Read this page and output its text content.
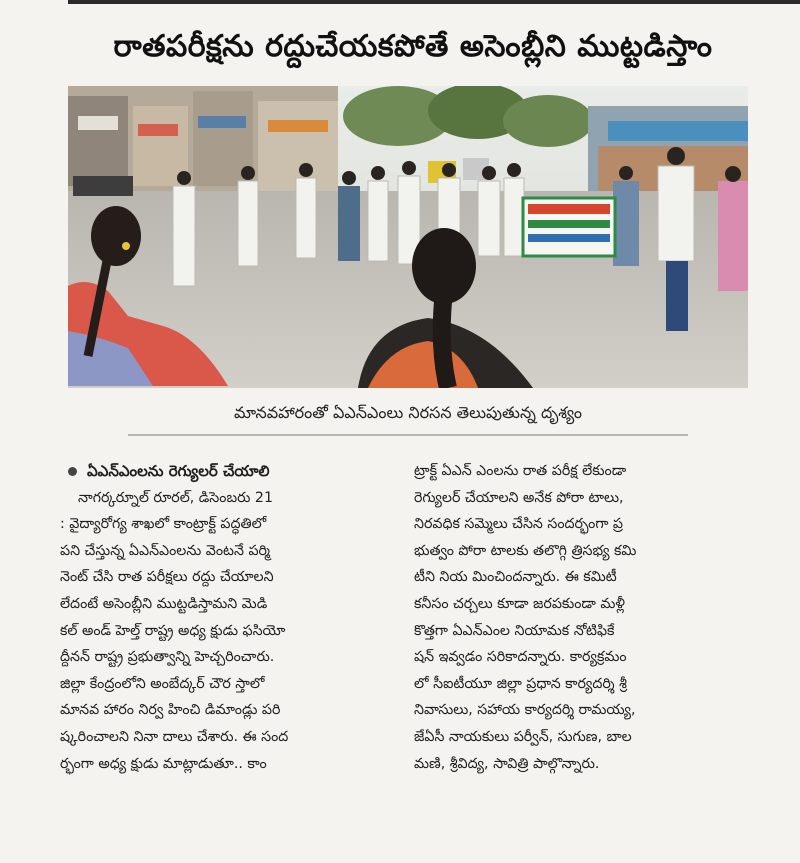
రాతపరీక్షను రద్దుచేయకపోతే అసెంబ్లీని ముట్టడిస్తాం
మానవహారంతో ఏఎన్ఎంలు నిరసన తెలుపుతున్న దృశ్యం
ఏఎన్ఎంలను రెగ్యులర్ చేయాలి
నాగర్కర్నూల్ రూరల్, డిసెంబరు 21
: వైద్యారోగ్య శాఖలో కాంట్రాక్ట్ పద్ధతిలో
పని చేస్తున్న ఏఎన్ఎంలను వెంటనే పర్మి
నెంట్ చేసి రాత పరీక్షలు రద్దు చేయాలని
లేదంటే అసెంబ్లీని ముట్టడిస్తామని మెడి
కల్ అండ్ హెల్త్ రాష్ట్ర అధ్య క్షుడు ఫసియో
ద్దీనన్ రాష్ట్ర ప్రభుత్వాన్ని హెచ్చరించారు.
జిల్లా కేంద్రంలోని అంబేద్కర్ చౌర స్తాలో
మానవ హారం నిర్వ హించి డిమాండ్లు పరి
ష్కరించాలని నినా దాలు చేశారు. ఈ సంద
ర్భంగా అధ్య క్షుడు మాట్లాడుతూ.. కాం
ట్రాక్ట్ ఏఎన్ ఎంలను రాత పరీక్ష లేకుండా
రెగ్యులర్ చేయాలని అనేక పోరా టాలు,
నిరవధిక సమ్మెలు చేసిన సందర్భంగా ప్ర
భుత్వం పోరా టాలకు తలొగ్గి త్రిసభ్య కమి
టీని నియ మించిందన్నారు. ఈ కమిటీ
కనీసం చర్చలు కూడా జరపకుండా మళ్లీ
కొత్తగా ఏఎన్ఎంల నియామక నోటిఫికే
షన్ ఇవ్వడం సరికాదన్నారు. కార్యక్రమం
లో సీఐటీయూ జిల్లా ప్రధాన కార్యదర్శి శ్రీ
నివాసులు, సహాయ కార్యదర్శి రామయ్య,
జేఏసీ నాయకులు పర్వీన్, సుగుణ, బాల
మణి, శ్రీవిద్య, సావిత్రి పాల్గొన్నారు.
